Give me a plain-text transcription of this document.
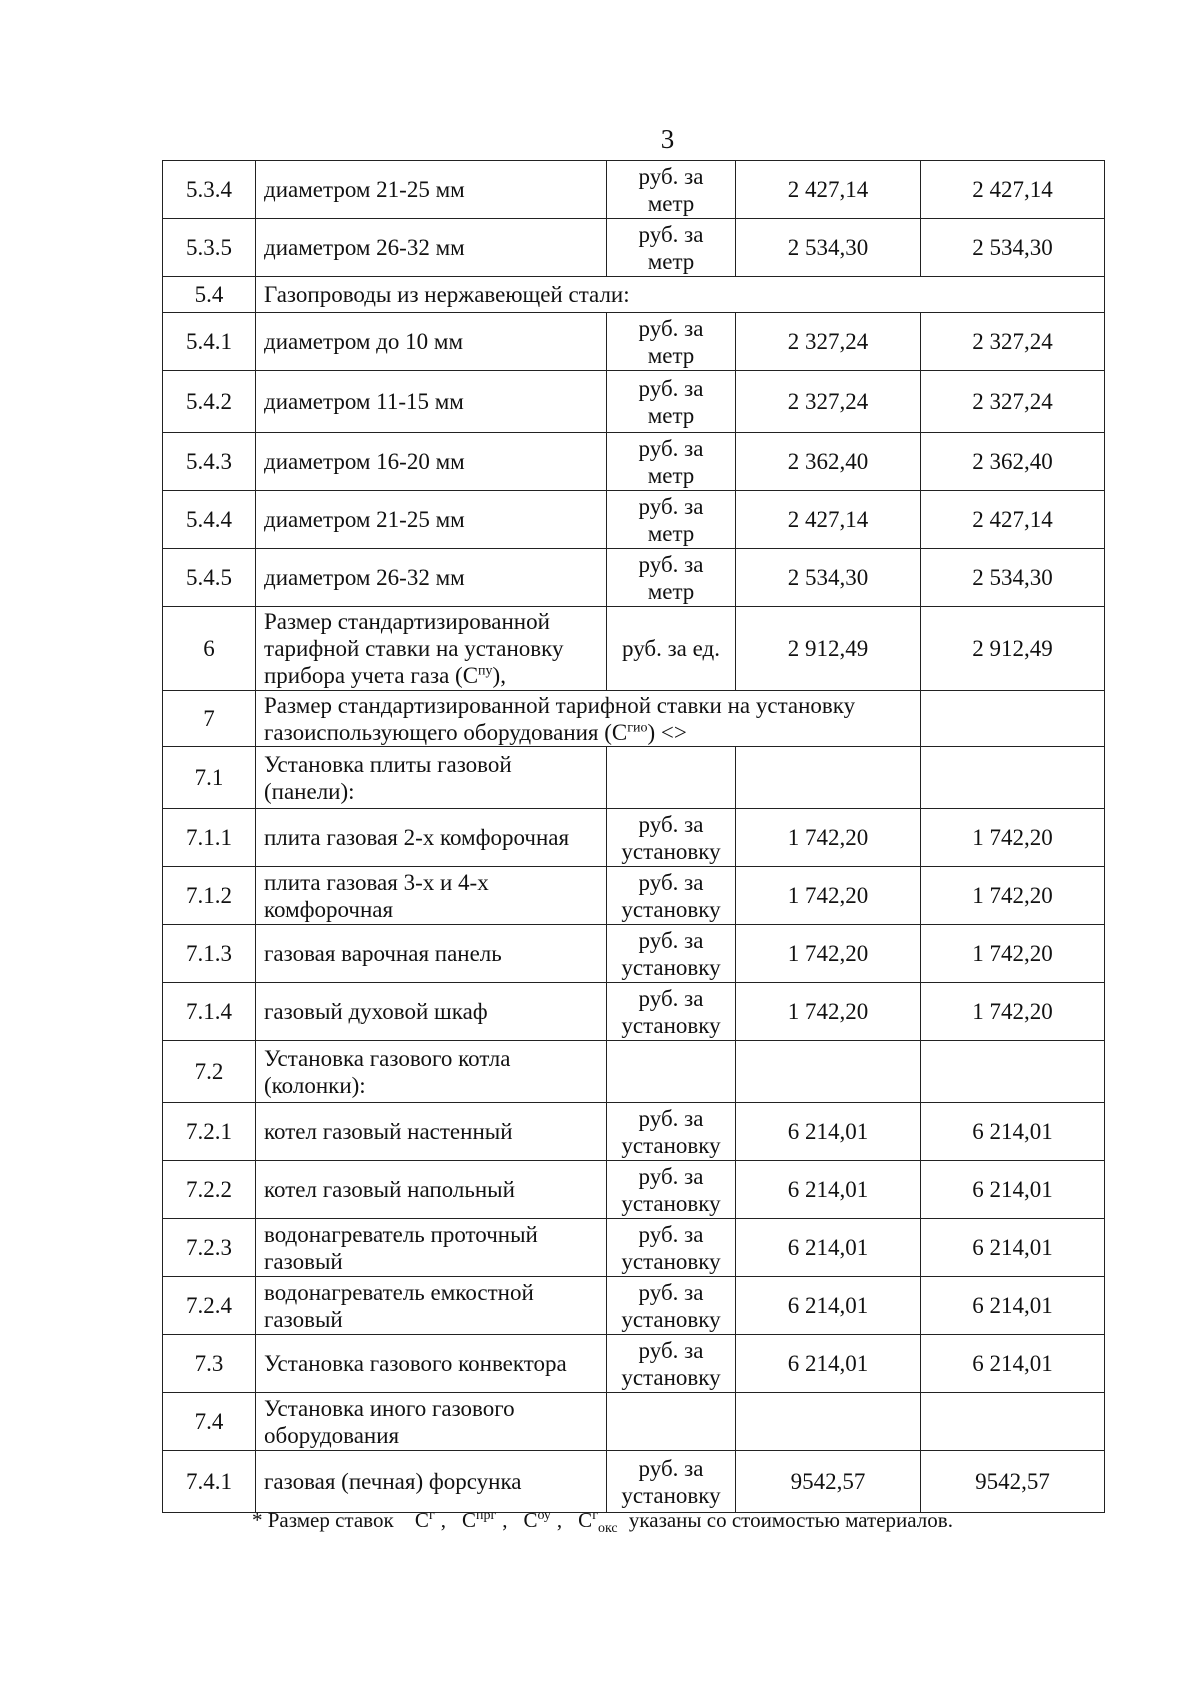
3
5.3.4	диаметром 21-25 мм	руб. за метр	2 427,14	2 427,14
5.3.5	диаметром 26-32 мм	руб. за метр	2 534,30	2 534,30
5.4	Газопроводы из нержавеющей стали:			
5.4.1	диаметром до 10 мм	руб. за метр	2 327,24	2 327,24
5.4.2	диаметром 11-15 мм	руб. за метр	2 327,24	2 327,24
5.4.3	диаметром 16-20 мм	руб. за метр	2 362,40	2 362,40
5.4.4	диаметром 21-25 мм	руб. за метр	2 427,14	2 427,14
5.4.5	диаметром 26-32 мм	руб. за метр	2 534,30	2 534,30
6	Размер стандартизированной тарифной ставки на установку прибора учета газа $(С^{пу})$,	руб. за ед.	2 912,49	2 912,49
7	Размер стандартизированной тарифной ставки на установку газоиспользующего оборудования $(С^{гио})$ <>			
7.1	Установка плиты газовой (панели):			
7.1.1	плита газовая 2-х комфорочная	руб. за установку	1 742,20	1 742,20
7.1.2	плита газовая 3-х и 4-х комфорочная	руб. за установку	1 742,20	1 742,20
7.1.3	газовая варочная панель	руб. за установку	1 742,20	1 742,20
7.1.4	газовый духовой шкаф	руб. за установку	1 742,20	1 742,20
7.2	Установка газового котла (колонки):			
7.2.1	котел газовый настенный	руб. за установку	6 214,01	6 214,01
7.2.2	котел газовый напольный	руб. за установку	6 214,01	6 214,01
7.2.3	водонагреватель проточный газовый	руб. за установку	6 214,01	6 214,01
7.2.4	водонагреватель емкостной газовый	руб. за установку	6 214,01	6 214,01
7.3	Установка газового конвектора	руб. за установку	6 214,01	6 214,01
7.4	Установка иного газового оборудования			
7.4.1	газовая (печная) форсунка	руб. за установку	9542,57	9542,57
* Размер ставок $С^г$ , $С^{прг}$ , $С^{оу}$ , $С^г_{окс}$ указаны со стоимостью материалов.
